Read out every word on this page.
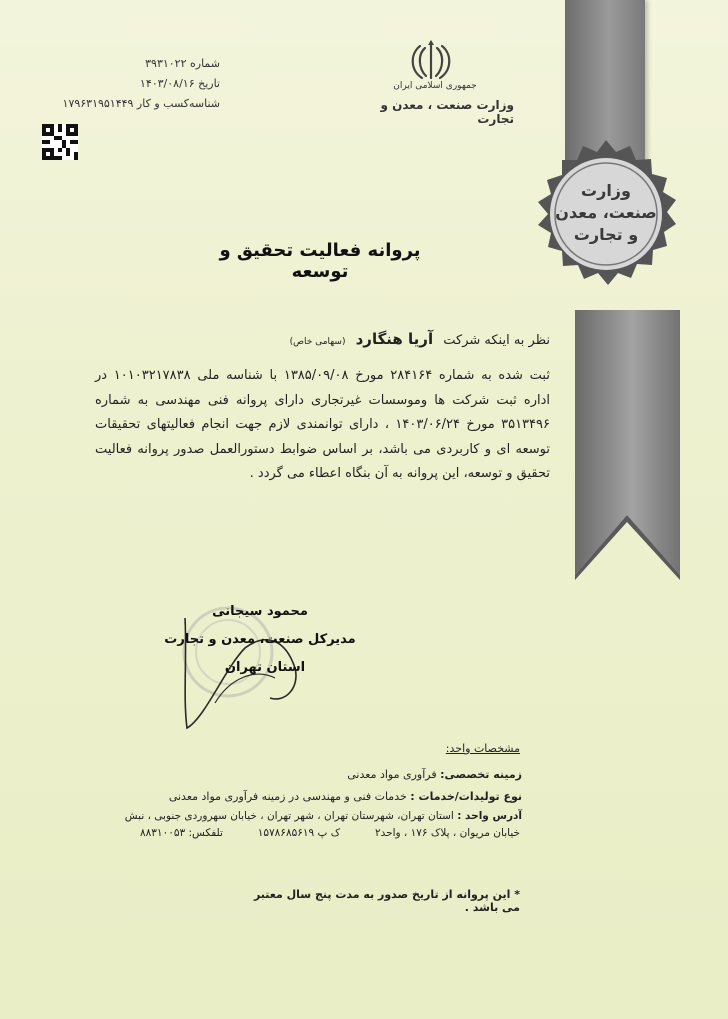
وزارت
صنعت، معدن
و تجارت
شماره ۳۹۳۱۰۲۲
تاریخ ۱۴۰۳/۰۸/۱۶
شناسه‌کسب و کار ۱۷۹۶۳۱۹۵۱۴۴۹
جمهوری اسلامی ایران
وزارت صنعت ، معدن و تجارت
پروانه فعالیت تحقیق و توسعه
نظر به اینکه شرکت آریا هنگارد (سهامی خاص)
ثبت شده به شماره ۲۸۴۱۶۴ مورخ ۱۳۸۵/۰۹/۰۸ با شناسه ملی ۱۰۱۰۳۲۱۷۸۳۸ در اداره ثبت شرکت ها وموسسات غیرتجاری دارای پروانه فنی مهندسی به شماره ۳۵۱۳۴۹۶ مورخ ۱۴۰۳/۰۶/۲۴ ، دارای توانمندی لازم جهت انجام فعالیتهای تحقیقات توسعه ای و کاربردی می باشد، بر اساس ضوابط دستورالعمل صدور پروانه فعالیت تحقیق و توسعه، این پروانه به آن بنگاه اعطاء می گردد .
محمود سیجانی
مدیرکل صنعت، معدن و تجارت
استان تهران
مشخصات واحد:
زمینه تخصصی: فرآوری مواد معدنی
نوع تولیدات/خدمات : خدمات فنی و مهندسی در زمینه فرآوری مواد معدنی
آدرس واحد : استان تهران، شهرستان تهران ، شهر تهران ، خیابان سهروردی جنوبی ، نبش
خیابان مریوان ، پلاک ۱۷۶ ، واحد۲
ک پ ۱۵۷۸۶۸۵۶۱۹
تلفکس: ۸۸۳۱۰۰۵۳
* این پروانه از تاریخ صدور به مدت پنج سال معتبر می باشد .
